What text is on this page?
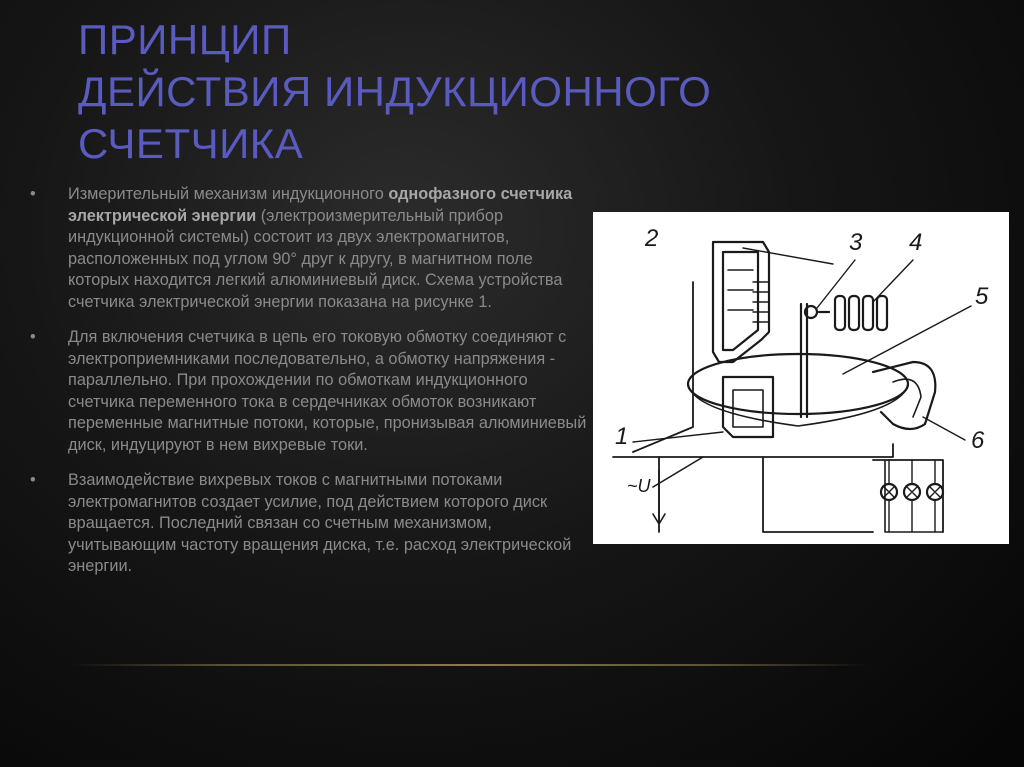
ПРИНЦИП
ДЕЙСТВИЯ ИНДУКЦИОННОГО
СЧЕТЧИКА
• Измерительный механизм индукционного однофазного счетчика электрической энергии (электроизмерительный прибор индукционной системы) состоит из двух электромагнитов, расположенных под углом 90° друг к другу, в магнитном поле которых находится легкий алюминиевый диск. Схема устройства счетчика электрической энергии показана на рисунке 1.
• Для включения счетчика в цепь его токовую обмотку соединяют с электроприемниками последовательно, а обмотку напряжения - параллельно. При прохождении по обмоткам индукционного счетчика переменного тока в сердечниках обмоток возникают переменные магнитные потоки, которые, пронизывая алюминиевый диск, индуцируют в нем вихревые токи.
• Взаимодействие вихревых токов с магнитными потоками электромагнитов создает усилие, под действием которого диск вращается. Последний связан со счетным механизмом, учитывающим частоту вращения диска, т.е. расход электрической энергии.
1
2	3 4
5
6
~U
